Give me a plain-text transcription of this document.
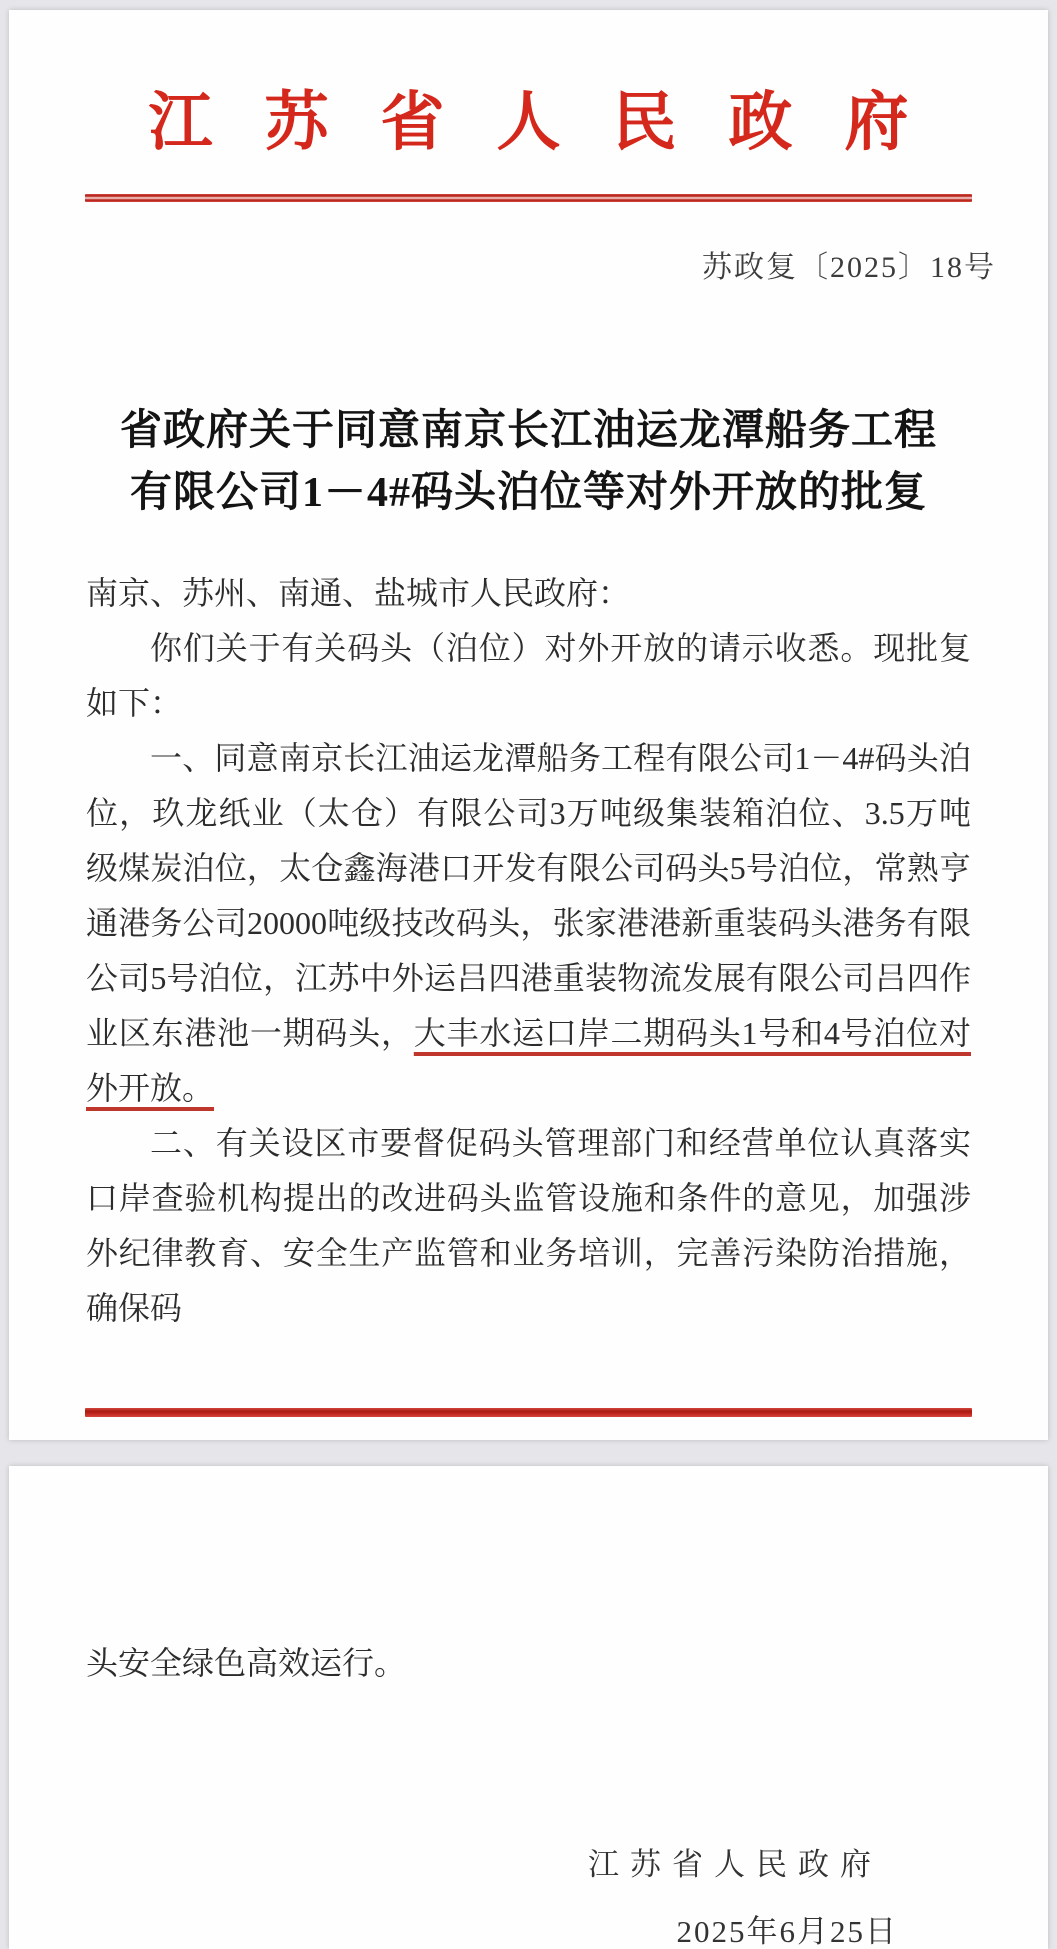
江苏省人民政府
苏政复〔2025〕18号
省政府关于同意南京长江油运龙潭船务工程
有限公司1－4#码头泊位等对外开放的批复

南京、苏州、南通、盐城市人民政府：

你们关于有关码头（泊位）对外开放的请示收悉。现批复如下：

一、同意南京长江油运龙潭船务工程有限公司1－4#码头泊位，玖龙纸业（太仓）有限公司3万吨级集装箱泊位、3.5万吨级煤炭泊位，太仓鑫海港口开发有限公司码头5号泊位，常熟亨通港务公司20000吨级技改码头，张家港港新重装码头港务有限公司5号泊位，江苏中外运吕四港重装物流发展有限公司吕四作业区东港池一期码头，大丰水运口岸二期码头1号和4号泊位对外开放。

二、有关设区市要督促码头管理部门和经营单位认真落实口岸查验机构提出的改进码头监管设施和条件的意见，加强涉外纪律教育、安全生产监管和业务培训，完善污染防治措施，确保码

头安全绿色高效运行。

江苏省人民政府
2025年6月25日
